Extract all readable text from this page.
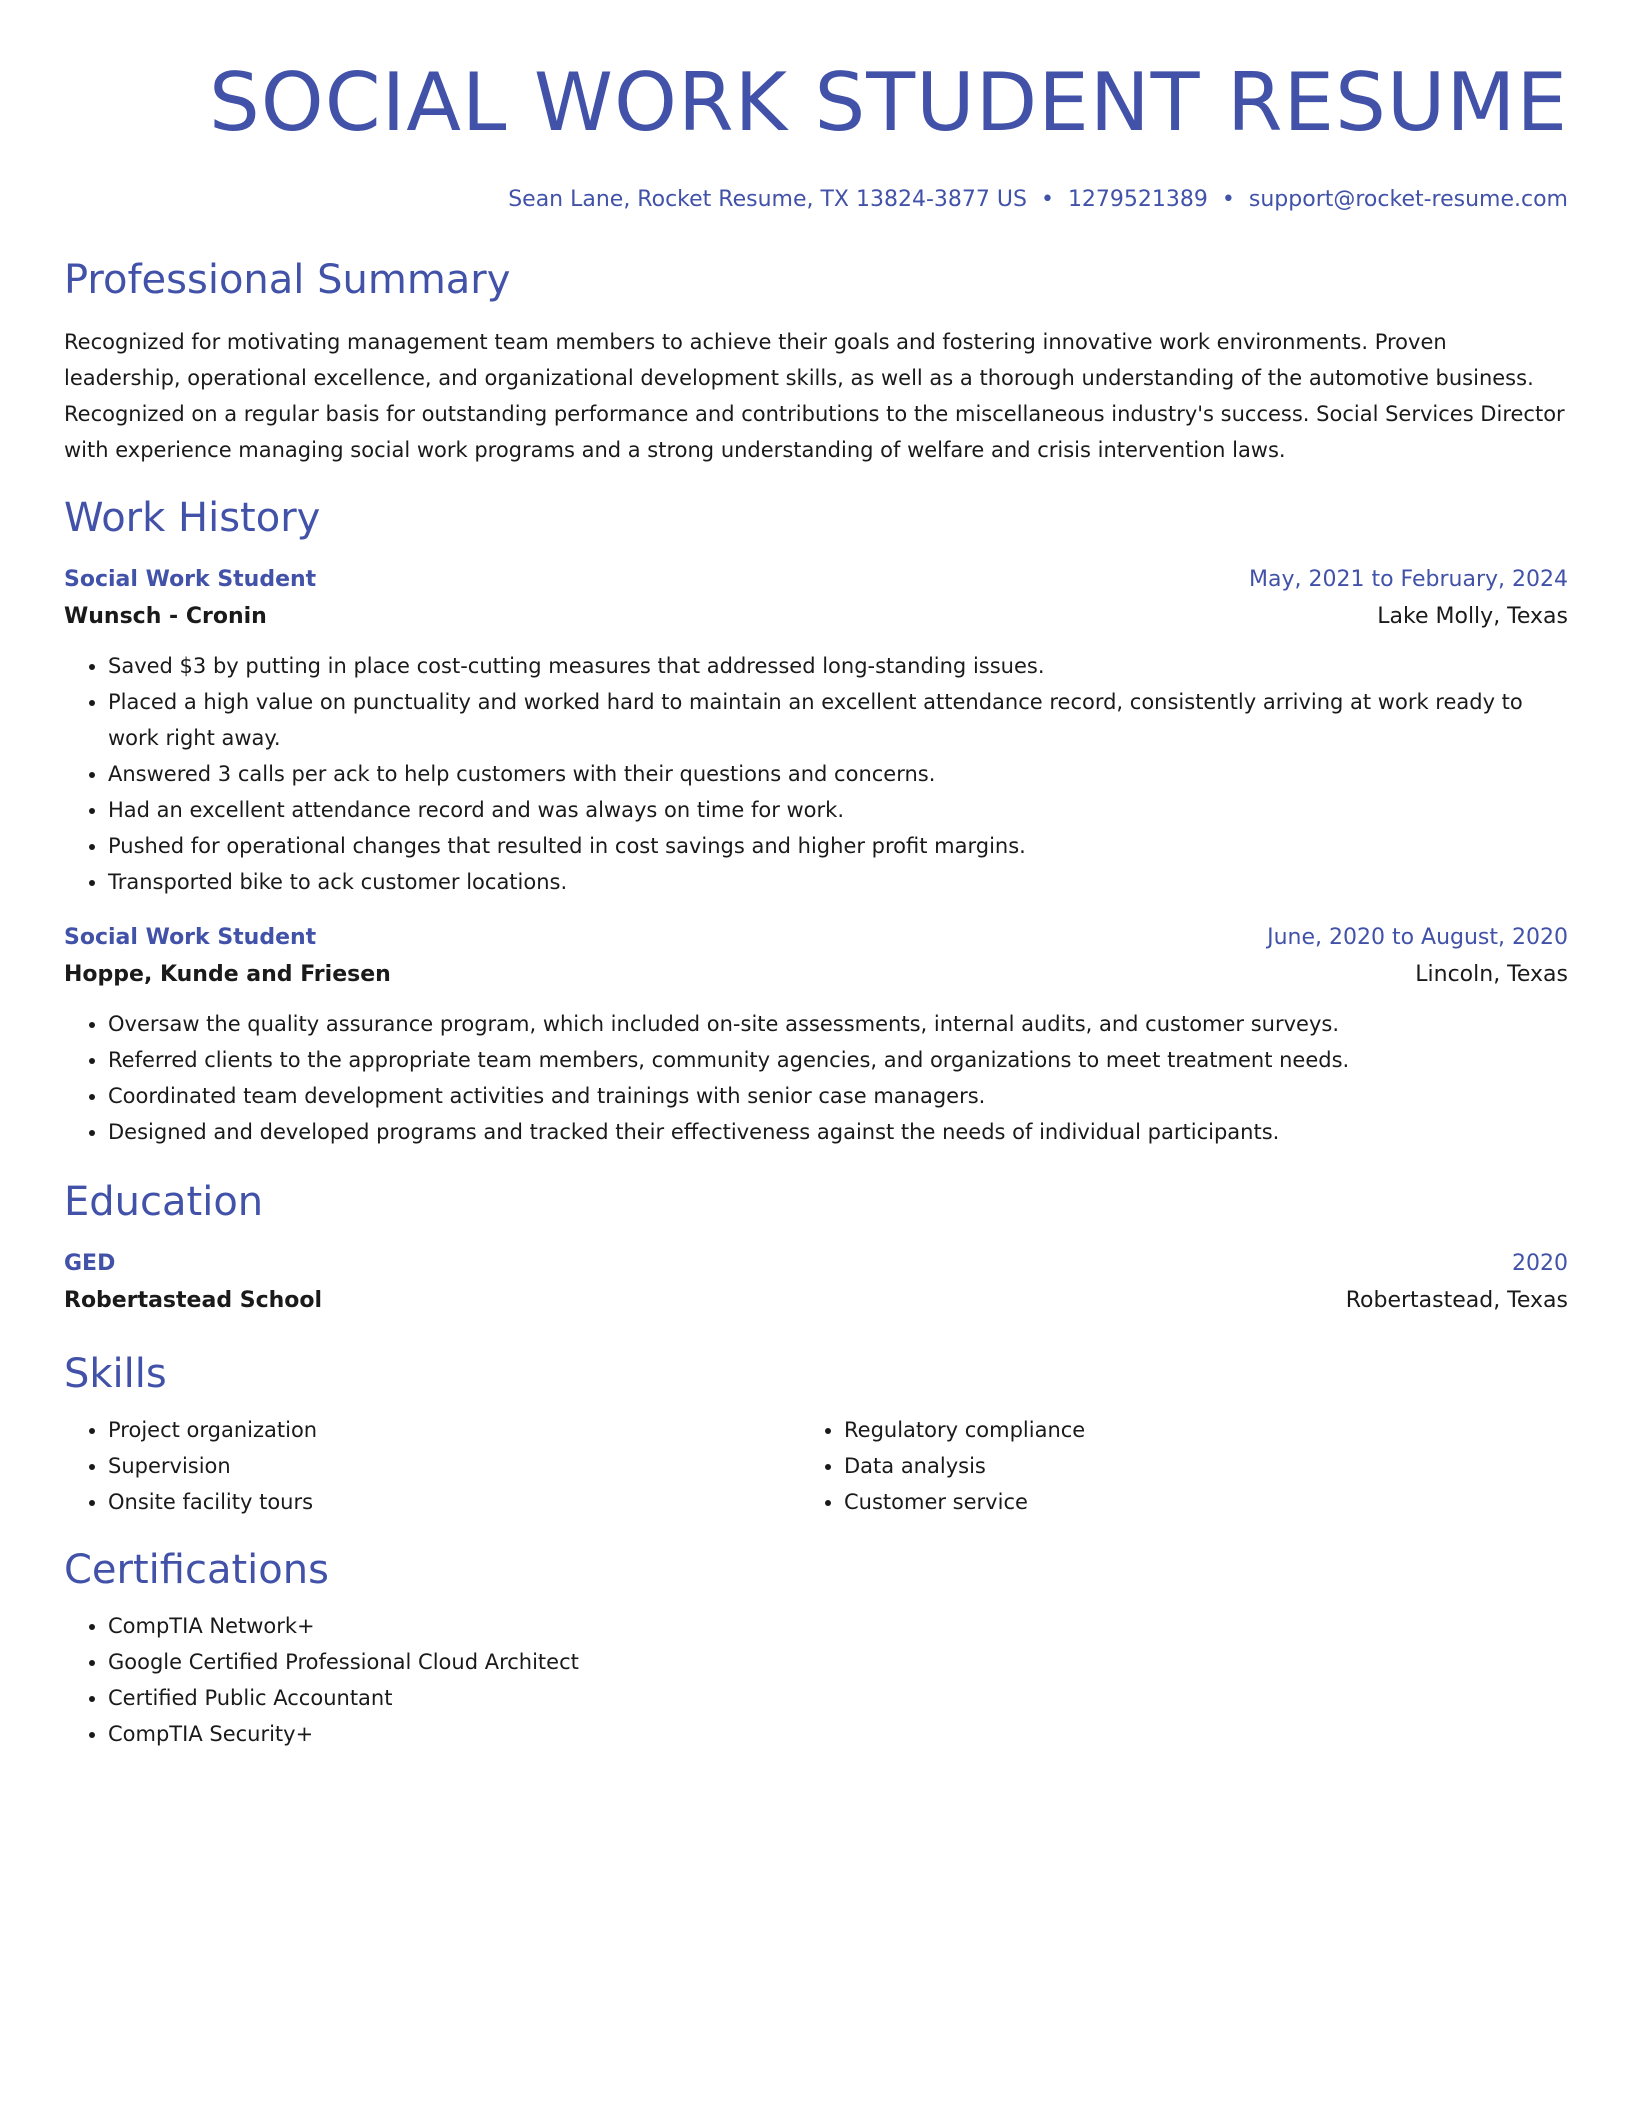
SOCIAL WORK STUDENT RESUME
Sean Lane, Rocket Resume, TX 13824-3877 US • 1279521389 • support@rocket-resume.com
Professional Summary
Recognized for motivating management team members to achieve their goals and fostering innovative work environments. Proven leadership, operational excellence, and organizational development skills, as well as a thorough understanding of the automotive business. Recognized on a regular basis for outstanding performance and contributions to the miscellaneous industry's success. Social Services Director with experience managing social work programs and a strong understanding of welfare and crisis intervention laws.
Work History
Social Work Student	May, 2021 to February, 2024
Wunsch - Cronin	Lake Molly, Texas
• Saved $3 by putting in place cost-cutting measures that addressed long-standing issues.
• Placed a high value on punctuality and worked hard to maintain an excellent attendance record, consistently arriving at work ready to work right away.
• Answered 3 calls per ack to help customers with their questions and concerns.
• Had an excellent attendance record and was always on time for work.
• Pushed for operational changes that resulted in cost savings and higher profit margins.
• Transported bike to ack customer locations.
Social Work Student	June, 2020 to August, 2020
Hoppe, Kunde and Friesen	Lincoln, Texas
• Oversaw the quality assurance program, which included on-site assessments, internal audits, and customer surveys.
• Referred clients to the appropriate team members, community agencies, and organizations to meet treatment needs.
• Coordinated team development activities and trainings with senior case managers.
• Designed and developed programs and tracked their effectiveness against the needs of individual participants.
Education
GED	2020
Robertastead School	Robertastead, Texas
Skills
• Project organization
• Supervision
• Onsite facility tours
• Regulatory compliance
• Data analysis
• Customer service
Certifications
• CompTIA Network+
• Google Certified Professional Cloud Architect
• Certified Public Accountant
• CompTIA Security+
